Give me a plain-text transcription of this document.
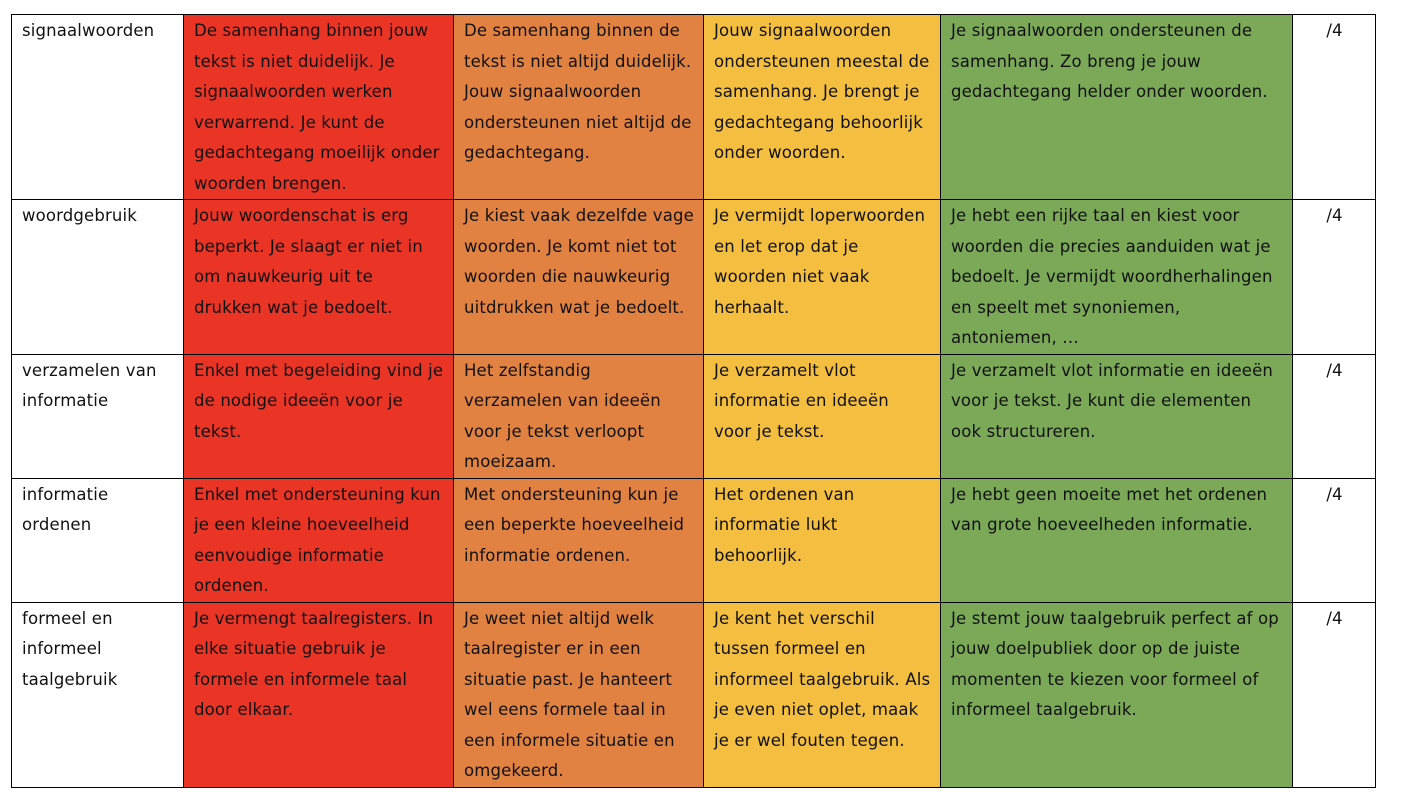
signaalwoorden	De samenhang binnen jouw tekst is niet duidelijk. Je signaalwoorden werken verwarrend. Je kunt de gedachtegang moeilijk onder woorden brengen.	De samenhang binnen de tekst is niet altijd duidelijk. Jouw signaalwoorden ondersteunen niet altijd de gedachtegang.	Jouw signaalwoorden ondersteunen meestal de samenhang. Je brengt je gedachtegang behoorlijk onder woorden.	Je signaalwoorden ondersteunen de samenhang. Zo breng je jouw gedachtegang helder onder woorden.	/4
woordgebruik	Jouw woordenschat is erg beperkt. Je slaagt er niet in om nauwkeurig uit te drukken wat je bedoelt.	Je kiest vaak dezelfde vage woorden. Je komt niet tot woorden die nauwkeurig uitdrukken wat je bedoelt.	Je vermijdt loperwoorden en let erop dat je woorden niet vaak herhaalt.	Je hebt een rijke taal en kiest voor woorden die precies aanduiden wat je bedoelt. Je vermijdt woordherhalingen en speelt met synoniemen, antoniemen, …	/4
verzamelen van informatie	Enkel met begeleiding vind je de nodige ideeën voor je tekst.	Het zelfstandig verzamelen van ideeën voor je tekst verloopt moeizaam.	Je verzamelt vlot informatie en ideeën voor je tekst.	Je verzamelt vlot informatie en ideeën voor je tekst. Je kunt die elementen ook structureren.	/4
informatie ordenen	Enkel met ondersteuning kun je een kleine hoeveelheid eenvoudige informatie ordenen.	Met ondersteuning kun je een beperkte hoeveelheid informatie ordenen.	Het ordenen van informatie lukt behoorlijk.	Je hebt geen moeite met het ordenen van grote hoeveelheden informatie.	/4
formeel en informeel taalgebruik	Je vermengt taalregisters. In elke situatie gebruik je formele en informele taal door elkaar.	Je weet niet altijd welk taalregister er in een situatie past. Je hanteert wel eens formele taal in een informele situatie en omgekeerd.	Je kent het verschil tussen formeel en informeel taalgebruik. Als je even niet oplet, maak je er wel fouten tegen.	Je stemt jouw taalgebruik perfect af op jouw doelpubliek door op de juiste momenten te kiezen voor formeel of informeel taalgebruik.	/4
